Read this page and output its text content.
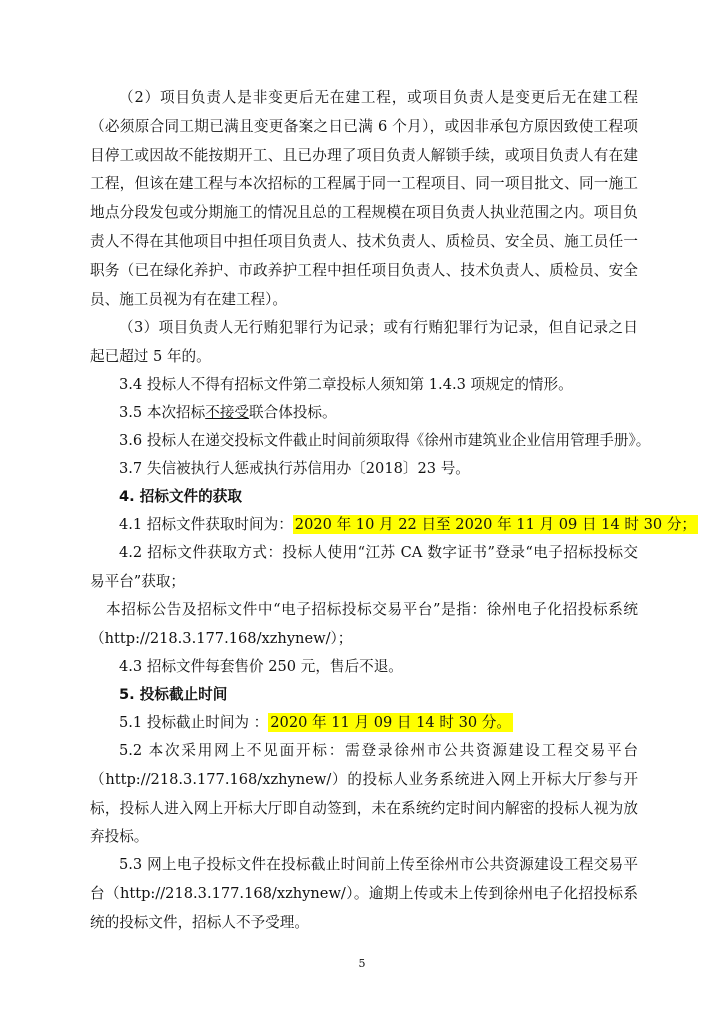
（2）项目负责人是非变更后无在建工程，或项目负责人是变更后无在建工程（必须原合同工期已满且变更备案之日已满 6 个月），或因非承包方原因致使工程项目停工或因故不能按期开工、且已办理了项目负责人解锁手续，或项目负责人有在建工程，但该在建工程与本次招标的工程属于同一工程项目、同一项目批文、同一施工地点分段发包或分期施工的情况且总的工程规模在项目负责人执业范围之内。项目负责人不得在其他项目中担任项目负责人、技术负责人、质检员、安全员、施工员任一职务（已在绿化养护、市政养护工程中担任项目负责人、技术负责人、质检员、安全员、施工员视为有在建工程）。

（3）项目负责人无行贿犯罪行为记录；或有行贿犯罪行为记录，但自记录之日起已超过 5 年的。

3.4 投标人不得有招标文件第二章投标人须知第 1.4.3 项规定的情形。

3.5 本次招标不接受联合体投标。

3.6 投标人在递交投标文件截止时间前须取得《徐州市建筑业企业信用管理手册》。

3.7 失信被执行人惩戒执行苏信用办〔2018〕23 号。

4. 招标文件的获取

4.1 招标文件获取时间为： 2020 年 10 月 22 日至 2020 年 11 月 09 日 14 时 30 分；

4.2 招标文件获取方式：投标人使用“江苏 CA 数字证书”登录“电子招标投标交易平台”获取；

本招标公告及招标文件中“电子招标投标交易平台”是指：徐州电子化招投标系统（http://218.3.177.168/xzhynew/）；

4.3 招标文件每套售价 250 元，售后不退。

5. 投标截止时间

5.1 投标截止时间为 ： 2020 年 11 月 09 日 14 时 30 分。

5.2 本次采用网上不见面开标：需登录徐州市公共资源建设工程交易平台（http://218.3.177.168/xzhynew/）的投标人业务系统进入网上开标大厅参与开标，投标人进入网上开标大厅即自动签到，未在系统约定时间内解密的投标人视为放弃投标。

5.3 网上电子投标文件在投标截止时间前上传至徐州市公共资源建设工程交易平台（http://218.3.177.168/xzhynew/）。逾期上传或未上传到徐州电子化招投标系统的投标文件，招标人不予受理。

5
